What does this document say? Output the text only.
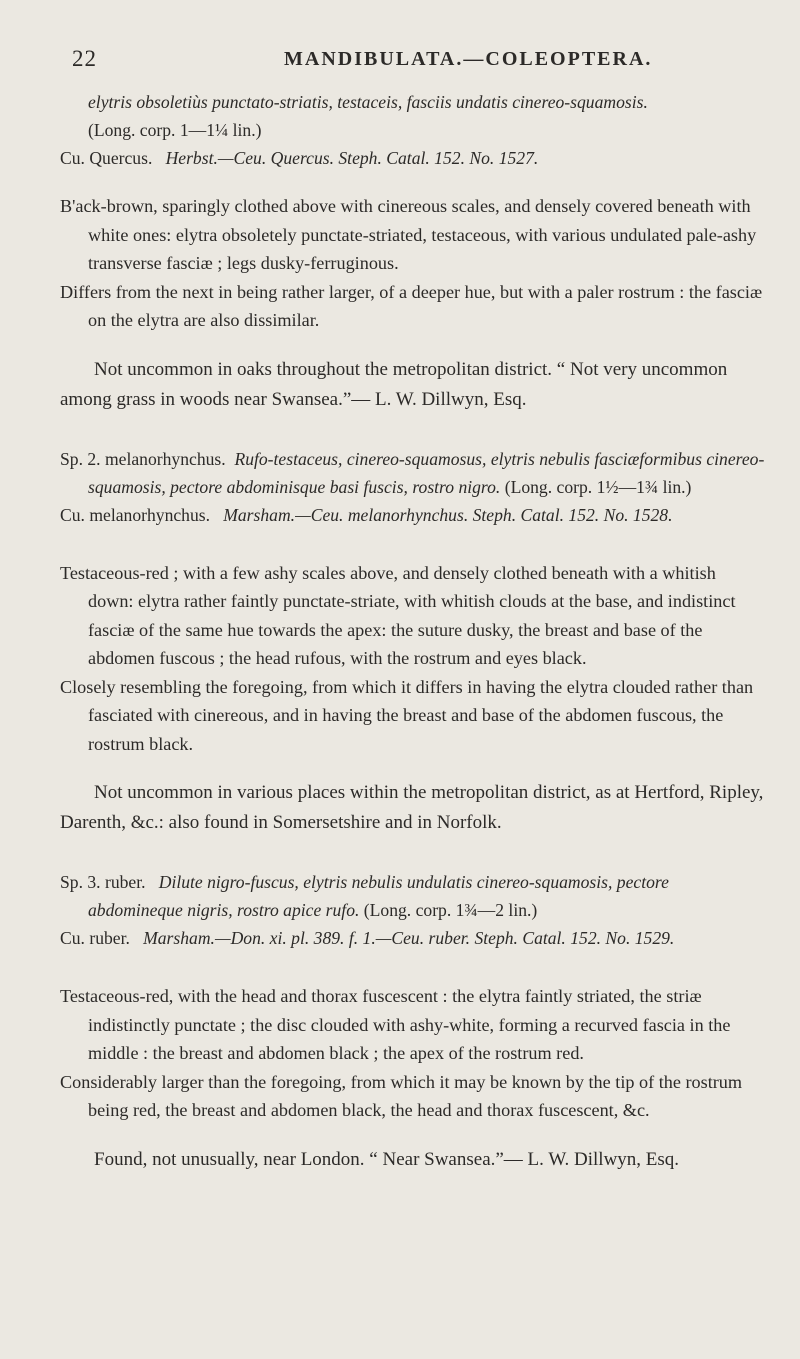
22	MANDIBULATA.—COLEOPTERA.

elytris obsoletiùs punctato-striatis, testaceis, fasciis undatis cinereo-squamosis.

(Long. corp. 1—1¼ lin.)

Cu. Quercus. Herbst.—Ceu. Quercus. Steph. Catal. 152. No. 1527.

B'ack-brown, sparingly clothed above with cinereous scales, and densely covered beneath with white ones: elytra obsoletely punctate-striated, testaceous, with various undulated pale-ashy transverse fasciæ ; legs dusky-ferruginous.

Differs from the next in being rather larger, of a deeper hue, but with a paler rostrum : the fasciæ on the elytra are also dissimilar.

Not uncommon in oaks throughout the metropolitan district. “ Not very uncommon among grass in woods near Swansea.”— L. W. Dillwyn, Esq.

Sp. 2. melanorhynchus. Rufo-testaceus, cinereo-squamosus, elytris nebulis fasciæformibus cinereo-squamosis, pectore abdominisque basi fuscis, rostro nigro. (Long. corp. 1½—1¾ lin.)

Cu. melanorhynchus. Marsham.—Ceu. melanorhynchus. Steph. Catal. 152. No. 1528.

Testaceous-red ; with a few ashy scales above, and densely clothed beneath with a whitish down: elytra rather faintly punctate-striate, with whitish clouds at the base, and indistinct fasciæ of the same hue towards the apex: the suture dusky, the breast and base of the abdomen fuscous ; the head rufous, with the rostrum and eyes black.

Closely resembling the foregoing, from which it differs in having the elytra clouded rather than fasciated with cinereous, and in having the breast and base of the abdomen fuscous, the rostrum black.

Not uncommon in various places within the metropolitan district, as at Hertford, Ripley, Darenth, &c.: also found in Somersetshire and in Norfolk.

Sp. 3. ruber. Dilute nigro-fuscus, elytris nebulis undulatis cinereo-squamosis, pectore abdomineque nigris, rostro apice rufo. (Long. corp. 1¾—2 lin.)

Cu. ruber. Marsham.—Don. xi. pl. 389. f. 1.—Ceu. ruber. Steph. Catal. 152. No. 1529.

Testaceous-red, with the head and thorax fuscescent : the elytra faintly striated, the striæ indistinctly punctate ; the disc clouded with ashy-white, forming a recurved fascia in the middle : the breast and abdomen black ; the apex of the rostrum red.

Considerably larger than the foregoing, from which it may be known by the tip of the rostrum being red, the breast and abdomen black, the head and thorax fuscescent, &c.

Found, not unusually, near London. “ Near Swansea.”— L. W. Dillwyn, Esq.
